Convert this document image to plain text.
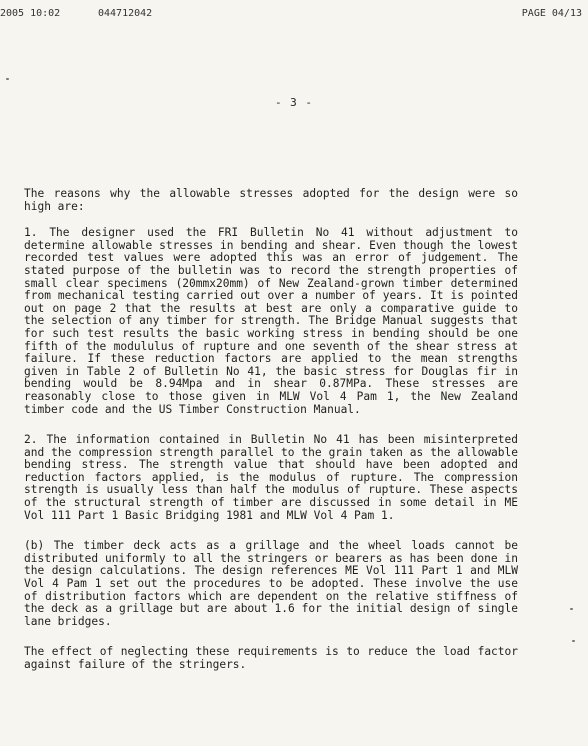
2005 10:02	044712042	PAGE 04/13
- 3 -

The reasons why the allowable stresses adopted for the design were so high are:

1. The designer used the FRI Bulletin No 41 without adjustment to determine allowable stresses in bending and shear. Even though the lowest recorded test values were adopted this was an error of judgement. The stated purpose of the bulletin was to record the strength properties of small clear specimens (20mmx20mm) of New Zealand-grown timber determined from mechanical testing carried out over a number of years. It is pointed out on page 2 that the results at best are only a comparative guide to the selection of any timber for strength. The Bridge Manual suggests that for such test results the basic working stress in bending should be one fifth of the modululus of rupture and one seventh of the shear stress at failure. If these reduction factors are applied to the mean strengths given in Table 2 of Bulletin No 41, the basic stress for Douglas fir in bending would be 8.94Mpa and in shear 0.87MPa. These stresses are reasonably close to those given in MLW Vol 4 Pam 1, the New Zealand timber code and the US Timber Construction Manual.

2. The information contained in Bulletin No 41 has been misinterpreted and the compression strength parallel to the grain taken as the allowable bending stress. The strength value that should have been adopted and reduction factors applied, is the modulus of rupture. The compression strength is usually less than half the modulus of rupture. These aspects of the structural strength of timber are discussed in some detail in ME Vol 111 Part 1 Basic Bridging 1981 and MLW Vol 4 Pam 1.

(b) The timber deck acts as a grillage and the wheel loads cannot be distributed uniformly to all the stringers or bearers as has been done in the design calculations. The design references ME Vol 111 Part 1 and MLW Vol 4 Pam 1 set out the procedures to be adopted. These involve the use of distribution factors which are dependent on the relative stiffness of the deck as a grillage but are about 1.6 for the initial design of single lane bridges.

The effect of neglecting these requirements is to reduce the load factor against failure of the stringers.
